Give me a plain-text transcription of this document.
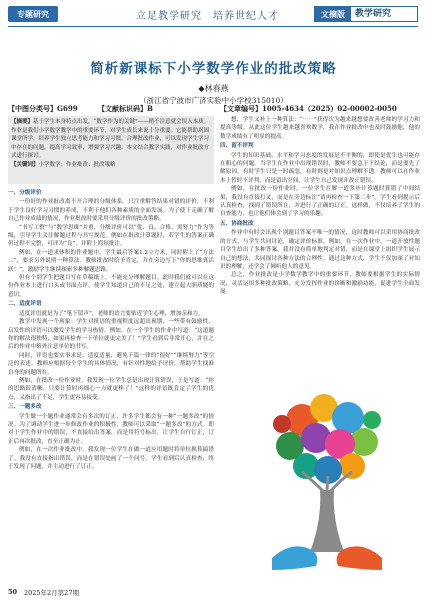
专题研究	立足教学研究　培养世纪人才	文摘版	教学研究
简析新课标下小学数学作业的批改策略
◆林春燕
（浙江省宁波市广济实验中小学校315010）
【中图分类号】G699	【文献标识码】B	【文章编号】1005-4634（2025）02-00002-0050
【摘要】基于学生本身特点出发，“数学作为的关键”——稍不注意就会误入本质。作业是我们小学数学教学中的重要环节，对学生成长来说十分重要。它能帮助巩固课堂所学，培养学生独立思考能力和学习习惯。合理批改作业，可以发现学生学习中存在的问题，提高学习效率，增强学习兴趣。本文结合教学实践，对作业批改方式进行探讨。
【关键词】小学数学；作业批改；批改策略

一、分级评价

一份好的作业批改离不开合理的分级体系。只注重解答结果对错的评价，不利于学生良好学习习惯的养成，不利于他们各种素质的全面发展。为了使干走确了解自己作业成绩的情况，作业批改时要采用分级评价的批改策略。

“书写工整”与“数学思维”并重，分级评价可以“优、良、合格、需努力”作为等级，引导学生关注解题过程与书写规范。例如在批改计算题时，若学生的答案正确但过程不完整，可评为“良”，并附上简短批注。

例如，在一道求体积的作业题中，学生最后答案1.2立方米，同时附上了“方法二”，要求另外说明一种算法。教师批改时给予肯定，并在旁边写下“你的思维真活跃！”，激励学生继续探索多种解题思路。

但有个别学生把题目写在草稿纸上，不能充分理解题目。此时我们就可以在这份作业本上进行口头或书面点评，使学生知道自己的不足之处，建立起大胆质疑的意识。

二、适度评语

适度评语就是为了“笔下留声”，老师的语言要贴近学生心理，增加亲和力。

教学中发现一个现象：学生对批语的重视程度远超出预期，一些带有鼓励性、启发性的评语可以激发学生的学习热情。例如，在一个学生的作业中写道：“这道题你的解法很独特，如果再检查一下单位就更完美了！”学生看到后非常开心，并在之后的作业中格外注意单位的书写。

同时，评语也要实事求是、适度适量，避免千篇一律的“很好”“继续努力”等空泛的表述。教师应根据每个学生的具体情况，有针对性地给予评价，帮助学生找准自身的问题所在。

例如，在批改一份作业时，我发现一位学生总是出现计算错误，于是写道：“你的思路很清晰，只要计算时再细心一点就更棒了！”这样的评语既肯定了学生的优点，又指出了不足，学生更容易接受。

三、一题多改

学生做一个题作业通常会有多次的订正，许多学生都会有一种“一题多改”的情况。为了调动学生进一步修改作业的积极性，教师可以采取“一题多改”的方式。即对于学生作业中的错误，不直接给出答案，而是用符号标出，让学生自行订正，订正后再次批改，直至正确为止。

例如，在一次作业批改中，我发现一位学生在做一道应用题时将单位换算搞错了。我没有直接指出错误，而是在错误处画了一个问号。学生看到后认真检查，终于发现了问题，并主动进行了订正。

想，学生又补上一种算法：“⋯⋯”获得次为越来越想要改善老师的学习力和提高等级。从此这位学生越来越喜欢数学，我在作业批改中也及时鼓励他，他的数学成绩有了明显的提高。

四、留不评判

学生的知识基础、水平和学习态度的发展是不平衡的，即使是优生也可能存在粗心的问题。当学生在作业中出现错误时，教师不要急于下结论，而是要先了解原因。有时学生只是一时疏忽，有时则是对知识点理解不透。教师可以在作业本上暂时不评判，而是留出空间，让学生自己发现并改正错误。

例如，在批改一份作业时，一位学生在解一道多步计算题时算错了中间结果，我没有直接打叉，而是在旁边标注“请再检查一下第二步”。学生看到提示后认真检查，找到了错误所在，并进行了正确的订正。这样做，不仅培养了学生的自查能力，也让他们体会到了学习的乐趣。

五、协商批改

作业中有时会出现个别题目答案不唯一的情况，这时教师可以采用协商批改的方式，与学生共同讨论，确定评价标准。例如，在一次作业中，一道开放性题目学生给出了多种答案，我并没有简单地判定对错，而是在课堂上组织学生展示自己的想法，共同探讨各种方法的合理性。通过这种方式，学生不仅加深了对知识的理解，还学会了倾听他人的意见。

总之，作业批改是小学数学教学中的重要环节，教师要根据学生的实际情况，灵活运用多种批改策略，充分发挥作业的诊断和激励功能，促进学生全面发展。

50 2025年2月第27期
